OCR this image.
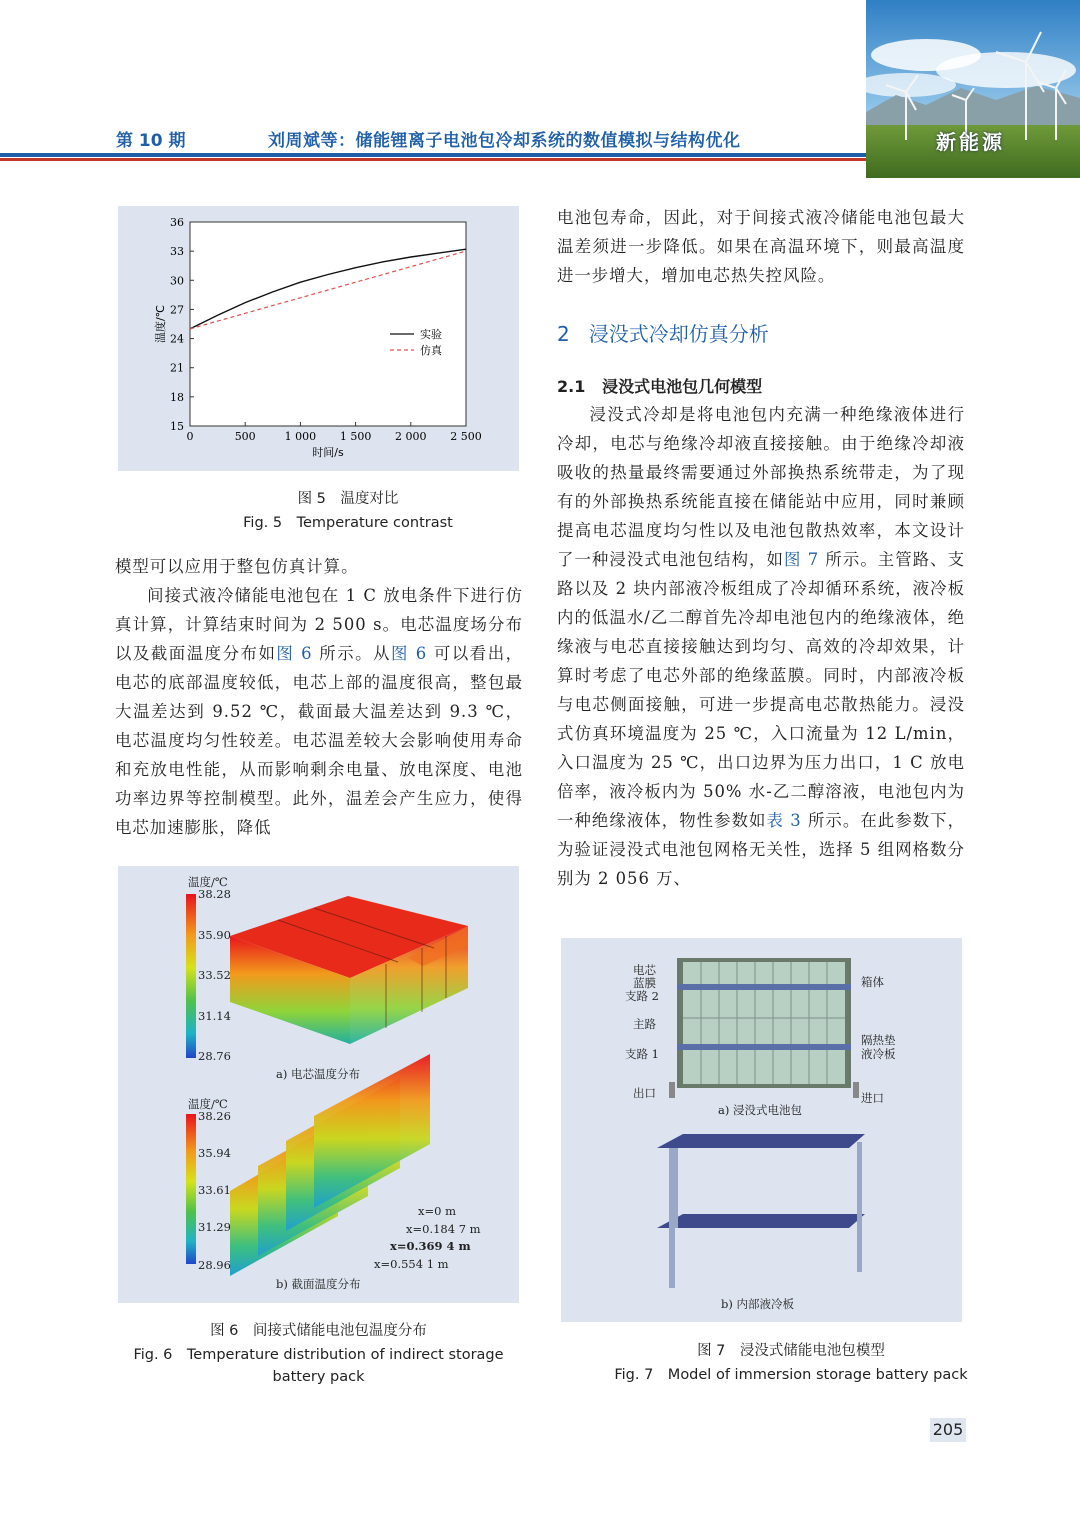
第 10 期	刘周斌等：储能锂离子电池包冷却系统的数值模拟与结构优化	新能源
0	500	1 000 1 500 2 000 2 500
15
18
21
24
27
30
33
36
时间/s
温度/℃	实验
仿真
图 5　温度对比
Fig. 5　Temperature contrast
模型可以应用于整包仿真计算。
间接式液冷储能电池包在 1 C 放电条件下进行仿真计算，计算结束时间为 2 500 s。电芯温度场分布以及截面温度分布如图 6 所示。从图 6 可以看出，电芯的底部温度较低，电芯上部的温度很高，整包最大温差达到 9.52 ℃，截面最大温差达到 9.3 ℃，电芯温度均匀性较差。电芯温差较大会影响使用寿命和充放电性能，从而影响剩余电量、放电深度、电池功率边界等控制模型。此外，温差会产生应力，使得电芯加速膨胀，降低
温度/℃
38.28
35.90
33.52
31.14
28.76
a) 电芯温度分布
温度/℃
38.26
35.94
33.61
31.29
28.96
x=0 m
x=0.184 7 m
x=0.369 4 m
x=0.554 1 m
b) 截面温度分布
图 6　间接式储能电池包温度分布
Fig. 6　Temperature distribution of indirect storage
battery pack
电池包寿命，因此，对于间接式液冷储能电池包最大温差须进一步降低。如果在高温环境下，则最高温度进一步增大，增加电芯热失控风险。
2 浸没式冷却仿真分析
2.1 浸没式电池包几何模型
浸没式冷却是将电池包内充满一种绝缘液体进行冷却，电芯与绝缘冷却液直接接触。由于绝缘冷却液吸收的热量最终需要通过外部换热系统带走，为了现有的外部换热系统能直接在储能站中应用，同时兼顾提高电芯温度均匀性以及电池包散热效率，本文设计了一种浸没式电池包结构，如图 7 所示。主管路、支路以及 2 块内部液冷板组成了冷却循环系统，液冷板内的低温水/乙二醇首先冷却电池包内的绝缘液体，绝缘液与电芯直接接触达到均匀、高效的冷却效果，计算时考虑了电芯外部的绝缘蓝膜。同时，内部液冷板与电芯侧面接触，可进一步提高电芯散热能力。浸没式仿真环境温度为 25 ℃，入口流量为 12 L/min，入口温度为 25 ℃，出口边界为压力出口，1 C 放电倍率，液冷板内为 50% 水-乙二醇溶液，电池包内为一种绝缘液体，物性参数如表 3 所示。在此参数下，为验证浸没式电池包网格无关性，选择 5 组网格数分别为 2 056 万、
电芯
蓝膜
支路 2
主路
支路 1
出口
箱体
隔热垫
液冷板
进口
a) 浸没式电池包
b) 内部液冷板
图 7　浸没式储能电池包模型
Fig. 7　Model of immersion storage battery pack
205
